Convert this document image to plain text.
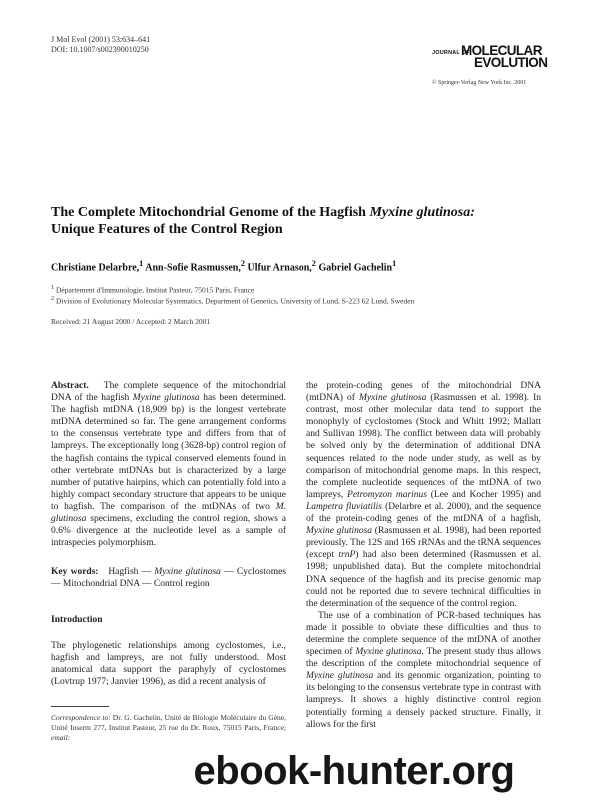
J Mol Evol (2001) 53:634–641
DOI: 10.1007/s002390010250	JOURNAL OF
MOLECULAR
EVOLUTION
© Springer-Verlag New York Inc. 2001
The Complete Mitochondrial Genome of the Hagfish Myxine glutinosa:
Unique Features of the Control Region
Christiane Delarbre,$^1$ Ann-Sofie Rasmussen,$^2$ Ulfur Arnason,$^2$ Gabriel Gachelin$^1$
$^1$ Département d'Immunologie, Institut Pasteur, 75015 Paris, France
$^2$ Division of Evolutionary Molecular Systematics, Department of Genetics, University of Lund, S-223 62 Lund, Sweden
Received: 21 August 2000 / Accepted: 2 March 2001

Abstract. The complete sequence of the mitochondrial DNA of the hagfish Myxine glutinosa has been determined. The hagfish mtDNA (18,909 bp) is the longest vertebrate mtDNA determined so far. The gene arrangement conforms to the consensus vertebrate type and differs from that of lampreys. The exceptionally long (3628-bp) control region of the hagfish contains the typical conserved elements found in other vertebrate mtDNAs but is characterized by a large number of putative hairpins, which can potentially fold into a highly compact secondary structure that appears to be unique to hagfish. The comparison of the mtDNAs of two M. glutinosa specimens, excluding the control region, shows a 0.6% divergence at the nucleotide level as a sample of intraspecies polymorphism.

Key words: Hagfish — Myxine glutinosa — Cyclostomes — Mitochondrial DNA — Control region

Introduction

The phylogenetic relationships among cyclostomes, i.e., hagfish and lampreys, are not fully understood. Most anatomical data support the paraphyly of cyclostomes (Lovtrup 1977; Janvier 1996), as did a recent analysis of

the protein-coding genes of the mitochondrial DNA (mtDNA) of Myxine glutinosa (Rasmussen et al. 1998). In contrast, most other molecular data tend to support the monophyly of cyclostomes (Stock and Whitt 1992; Mallatt and Sullivan 1998). The conflict between data will probably be solved only by the determination of additional DNA sequences related to the node under study, as well as by comparison of mitochondrial genome maps. In this respect, the complete nucleotide sequences of the mtDNA of two lampreys, Petromyzon marinus (Lee and Kocher 1995) and Lampetra fluviatilis (Delarbre et al. 2000), and the sequence of the protein-coding genes of the mtDNA of a hagfish, Myxine glutinosa (Rasmussen et al. 1998), had been reported previously. The 12S and 16S rRNAs and the tRNA sequences (except trnP) had also been determined (Rasmussen et al. 1998; unpublished data). But the complete mitochondrial DNA sequence of the hagfish and its precise genomic map could not be reported due to severe technical difficulties in the determination of the sequence of the control region.

The use of a combination of PCR-based techniques has made it possible to obviate these difficulties and thus to determine the complete sequence of the mtDNA of another specimen of Myxine glutinosa. The present study thus allows the description of the complete mitochondrial sequence of Myxine glutinosa and its genomic organization, pointing to its belonging to the consensus vertebrate type in contrast with lampreys. It shows a highly distinctive control region potentially forming a densely packed structure. Finally, it allows for the first

Correspondence to: Dr. G. Gachelin, Unité de Biologie Moléculaire du Gène, Unité Inserm 277, Institut Pasteur, 25 rue du Dr. Roux, 75015 Paris, France; email:
ebook-hunter.org
